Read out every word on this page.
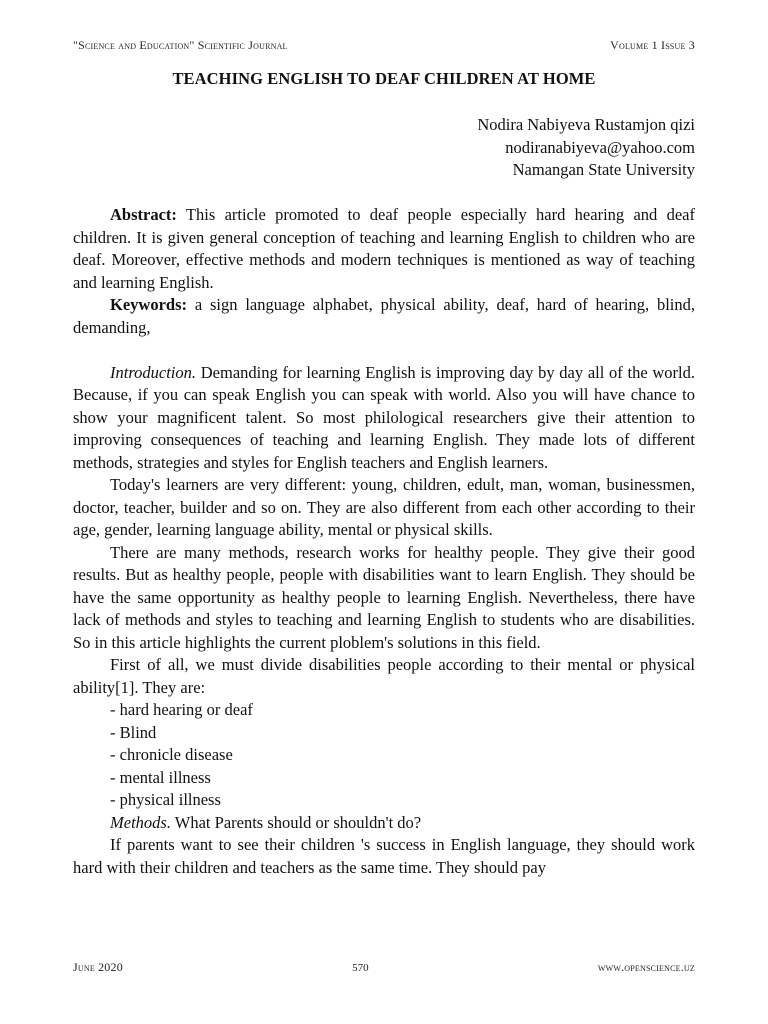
"Science and Education" Scientific Journal	Volume 1 Issue 3
TEACHING ENGLISH TO DEAF CHILDREN AT HOME
Nodira Nabiyeva Rustamjon qizi
nodiranabiyeva@yahoo.com
Namangan State University

Abstract: This article promoted to deaf people especially hard hearing and deaf children. It is given general conception of teaching and learning English to children who are deaf. Moreover, effective methods and modern techniques is mentioned as way of teaching and learning English.

Keywords: a sign language alphabet, physical ability, deaf, hard of hearing, blind, demanding,

Introduction. Demanding for learning English is improving day by day all of the world. Because, if you can speak English you can speak with world. Also you will have chance to show your magnificent talent. So most philological researchers give their attention to improving consequences of teaching and learning English. They made lots of different methods, strategies and styles for English teachers and English learners.

Today's learners are very different: young, children, edult, man, woman, businessmen, doctor, teacher, builder and so on. They are also different from each other according to their age, gender, learning language ability, mental or physical skills.

There are many methods, research works for healthy people. They give their good results. But as healthy people, people with disabilities want to learn English. They should be have the same opportunity as healthy people to learning English. Nevertheless, there have lack of methods and styles to teaching and learning English to students who are disabilities. So in this article highlights the current ploblem's solutions in this field.

First of all, we must divide disabilities people according to their mental or physical ability[1]. They are:

- hard hearing or deaf

- Blind

- chronicle disease

- mental illness

- physical illness

Methods. What Parents should or shouldn't do?

If parents want to see their children 's success in English language, they should work hard with their children and teachers as the same time. They should pay

June 2020	570	www.openscience.uz
